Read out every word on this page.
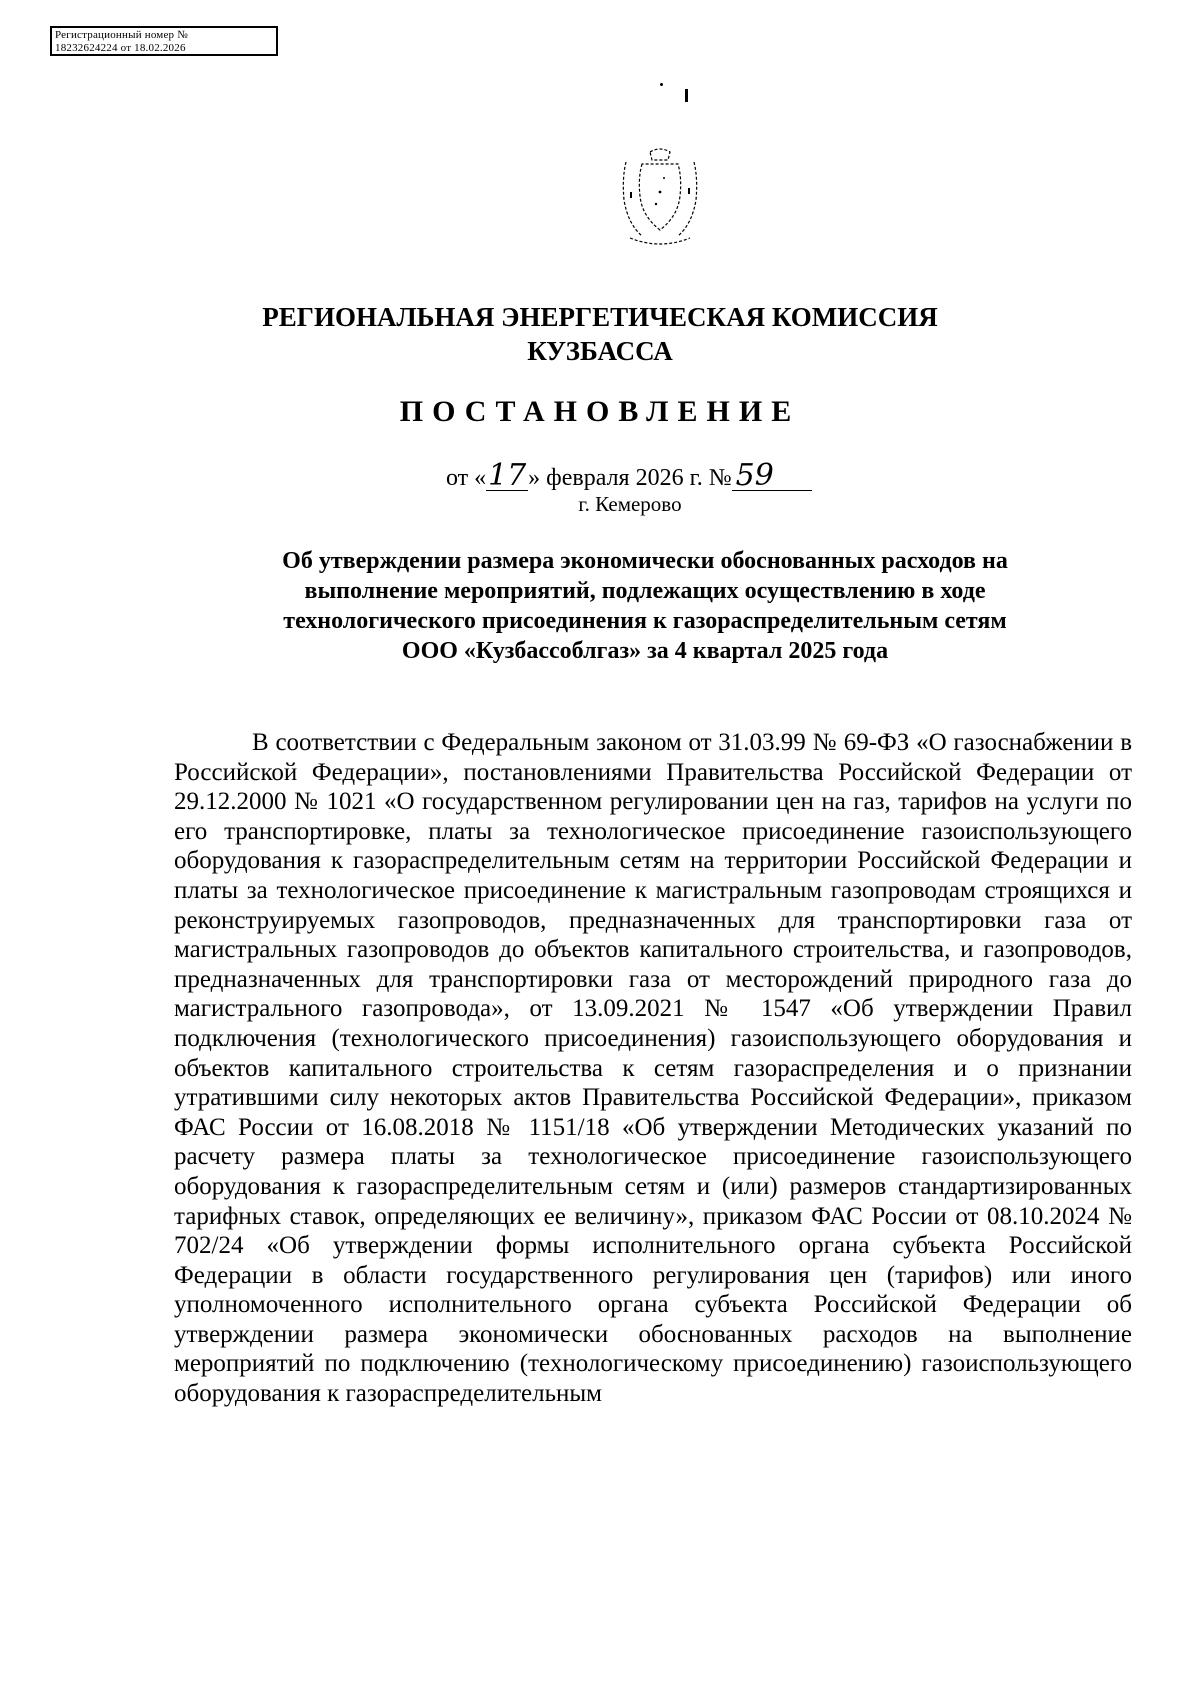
Регистрационный номер №
18232624224 от 18.02.2026
РЕГИОНАЛЬНАЯ ЭНЕРГЕТИЧЕСКАЯ КОМИССИЯ
КУЗБАССА
ПОСТАНОВЛЕНИЕ
от «17» февраля 2026 г. № 59
г. Кемерово
Об утверждении размера экономически обоснованных расходов на
выполнение мероприятий, подлежащих осуществлению в ходе
технологического присоединения к газораспределительным сетям
ООО «Кузбассоблгаз» за 4 квартал 2025 года

В соответствии с Федеральным законом от 31.03.99 № 69-ФЗ «О газоснабжении в Российской Федерации», постановлениями Правительства Российской Федерации от 29.12.2000 № 1021 «О государственном регулировании цен на газ, тарифов на услуги по его транспортировке, платы за технологическое присоединение газоиспользующего оборудования к газораспределительным сетям на территории Российской Федерации и платы за технологическое присоединение к магистральным газопроводам строящихся и реконструируемых газопроводов, предназначенных для транспортировки газа от магистральных газопроводов до объектов капитального строительства, и газопроводов, предназначенных для транспортировки газа от месторождений природного газа до магистрального газопровода», от 13.09.2021 № 1547 «Об утверждении Правил подключения (технологического присоединения) газоиспользующего оборудования и объектов капитального строительства к сетям газораспределения и о признании утратившими силу некоторых актов Правительства Российской Федерации», приказом ФАС России от 16.08.2018 № 1151/18 «Об утверждении Методических указаний по расчету размера платы за технологическое присоединение газоиспользующего оборудования к газораспределительным сетям и (или) размеров стандартизированных тарифных ставок, определяющих ее величину», приказом ФАС России от 08.10.2024 № 702/24 «Об утверждении формы исполнительного органа субъекта Российской Федерации в области государственного регулирования цен (тарифов) или иного уполномоченного исполнительного органа субъекта Российской Федерации об утверждении размера экономически обоснованных расходов на выполнение мероприятий по подключению (технологическому присоединению) газоиспользующего оборудования к газораспределительным
